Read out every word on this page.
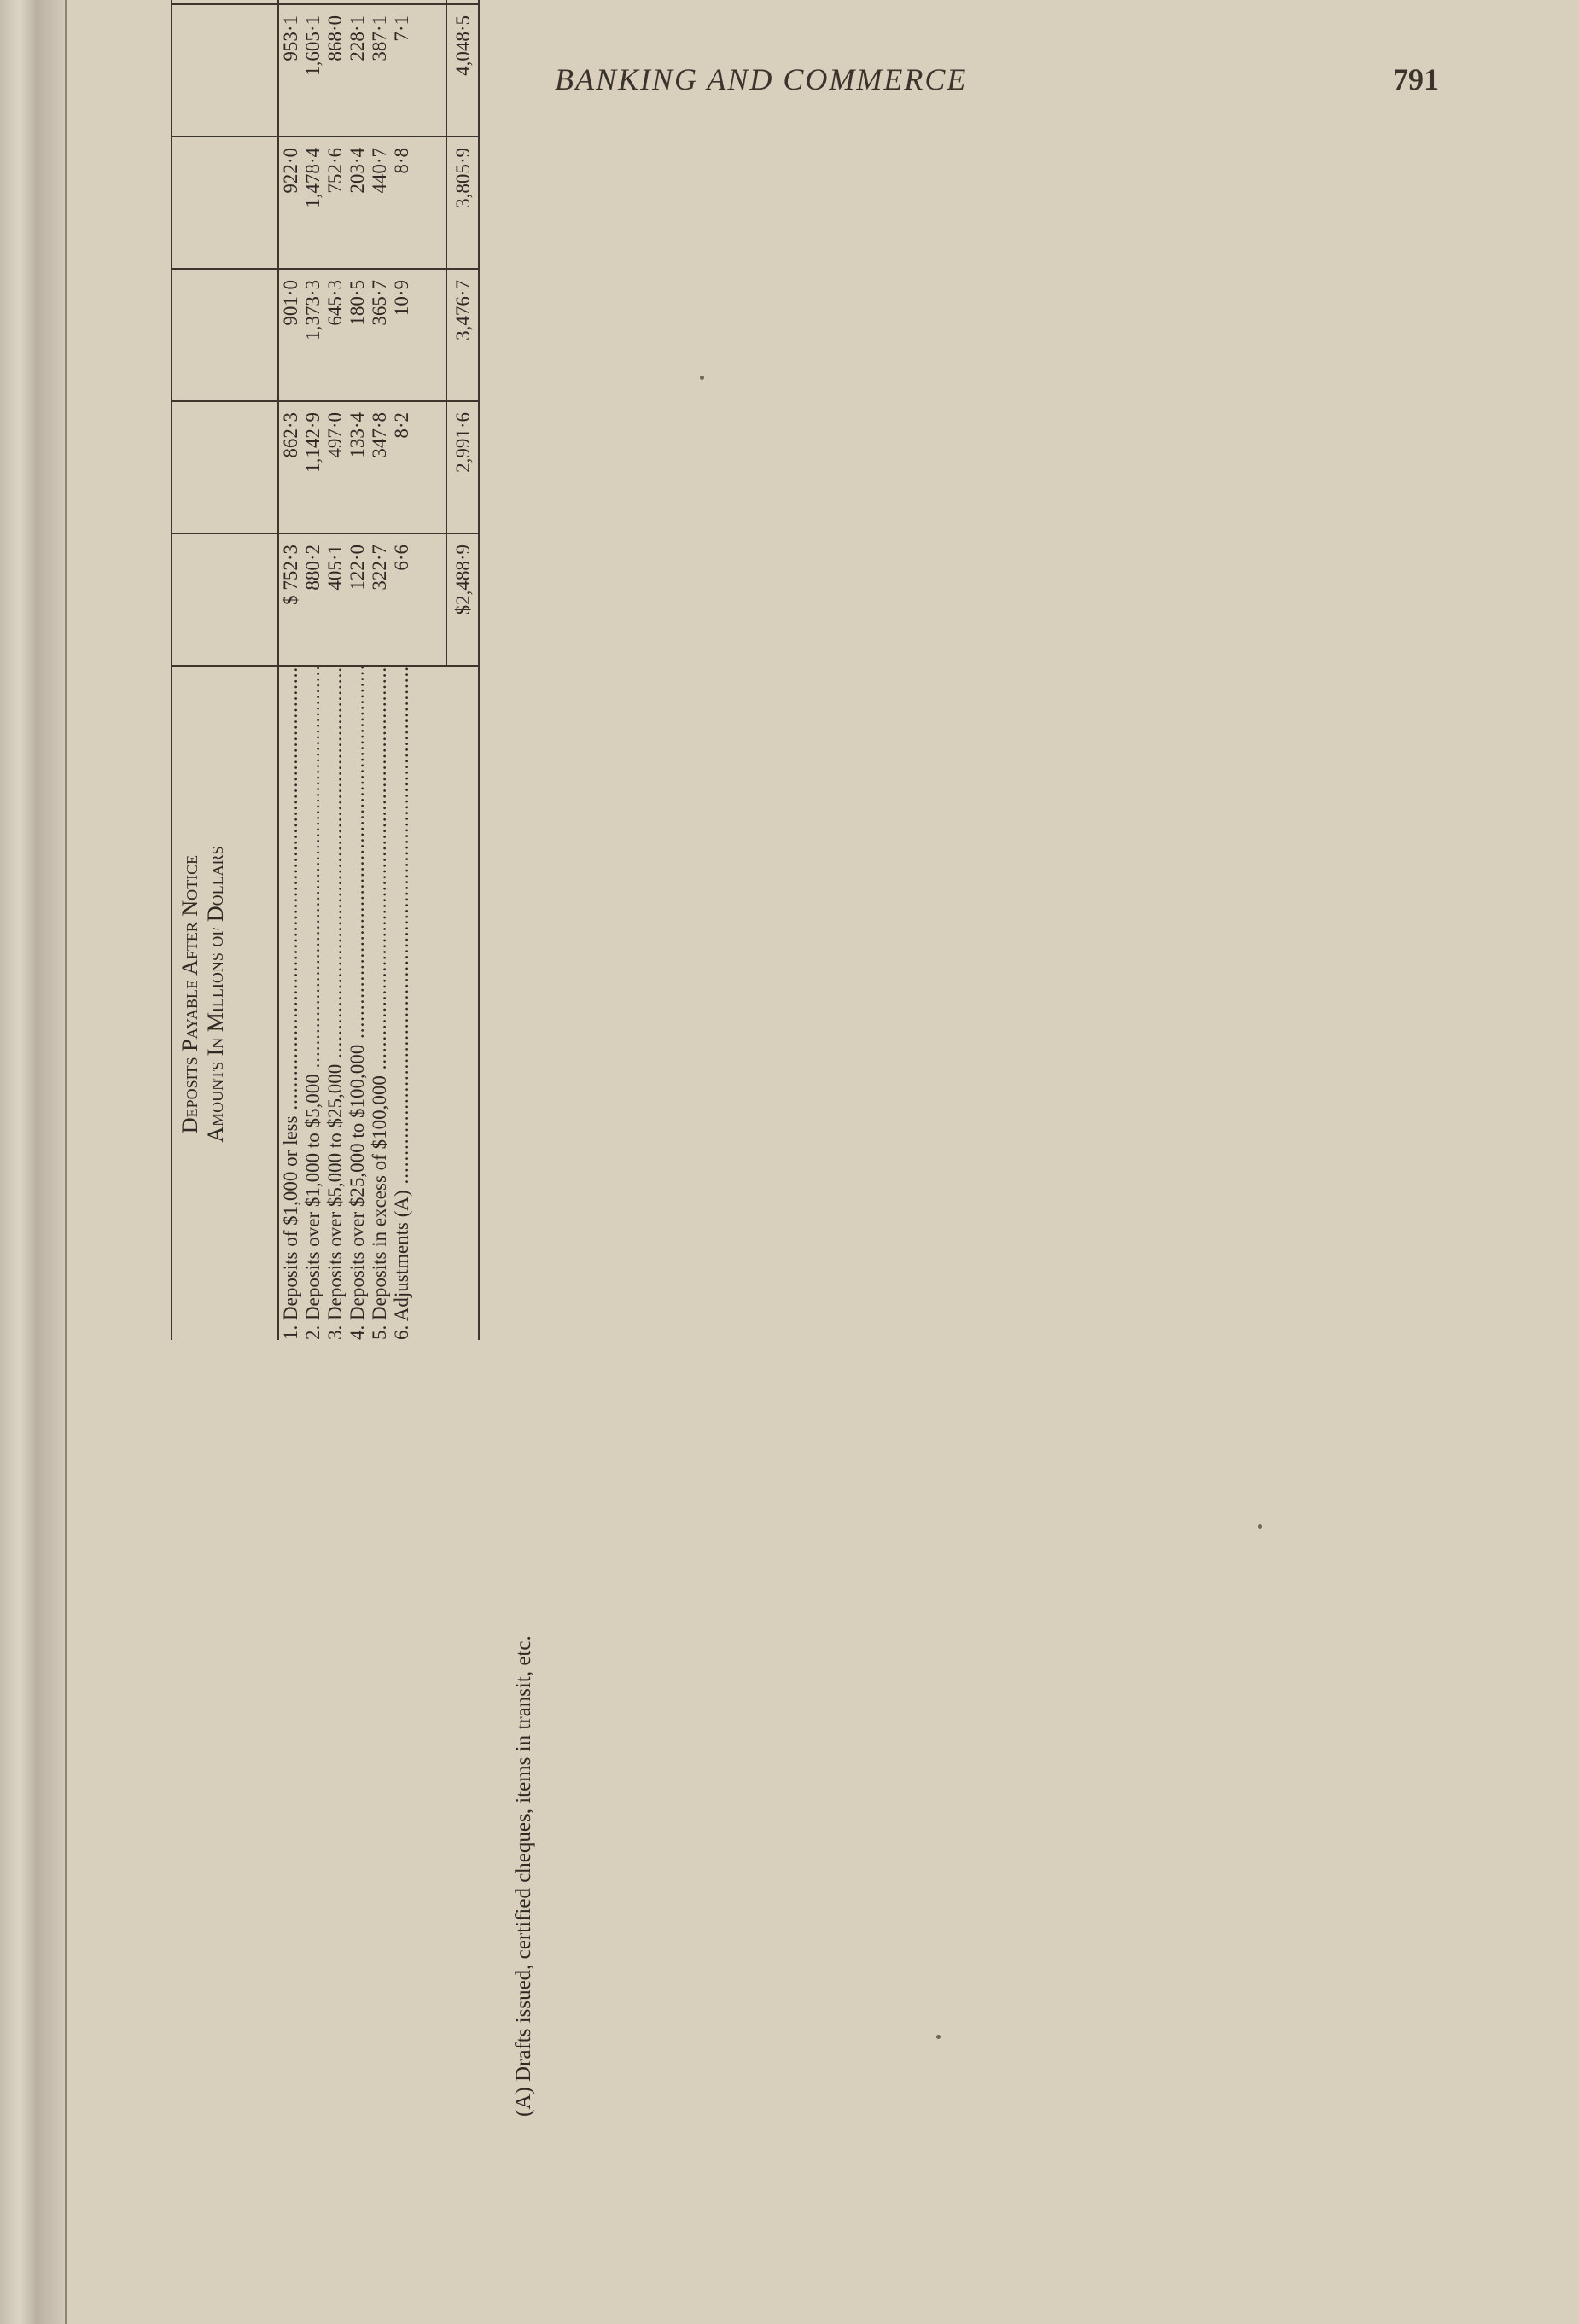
BANKING AND COMMERCE	791
Deposits Payable After Notice Amounts In Millions of Dollars
1. Deposits of $1,000 or less ..... 2. Deposits over $1,000 to $5,000 ..... 3. Deposits over $5,000 to $25,000 ..... 4. Deposits over $25,000 to $100,000 ..... 5. Deposits in excess of $100,000 ..... 6. Adjustments (A) .....
$ 752·3 880·2 405·1 122·0 322·7 6·6
862·3 1,142·9 497·0 133·4 347·8 8·2
901·0 1,373·3 645·3 180·5 365·7 10·9
922·0 1,478·4 752·6 203·4 440·7 8·8
953·1 1,605·1 868·0 228·1 387·1 7·1
$2,488·9
2,991·6
3,476·7
3,805·9
4,048·5
(A) Drafts issued, certified cheques, items in transit, etc.
